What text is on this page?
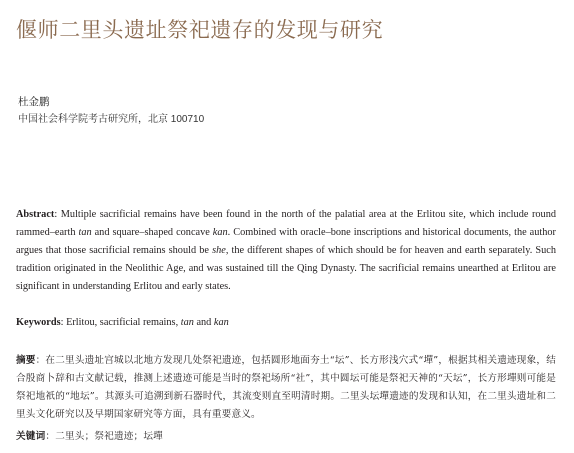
偃师二里头遗址祭祀遗存的发现与研究
杜金鹏
中国社会科学院考古研究所，北京 100710
Abstract: Multiple sacrificial remains have been found in the north of the palatial area at the Erlitou site, which include round rammed–earth tan and square–shaped concave kan. Combined with oracle–bone inscriptions and historical documents, the author argues that those sacrificial remains should be she, the different shapes of which should be for heaven and earth separately. Such tradition originated in the Neolithic Age, and was sustained till the Qing Dynasty. The sacrificial remains unearthed at Erlitou are significant in understanding Erlitou and early states.
Keywords: Erlitou, sacrificial remains, tan and kan
摘要：在二里头遗址宫城以北地方发现几处祭祀遗迹，包括圆形地面夯土“坛”、长方形浅穴式“墠”，根据其相关遗迹现象，结合殷商卜辞和古文献记载，推测上述遗迹可能是当时的祭祀场所“社”，其中圆坛可能是祭祀天神的“天坛”，长方形墠则可能是祭祀地祇的“地坛”。其源头可追溯到新石器时代，其流变则直至明清时期。二里头坛墠遗迹的发现和认知，在二里头遗址和二里头文化研究以及早期国家研究等方面，具有重要意义。
关键词：二里头；祭祀遗迹；坛墠
